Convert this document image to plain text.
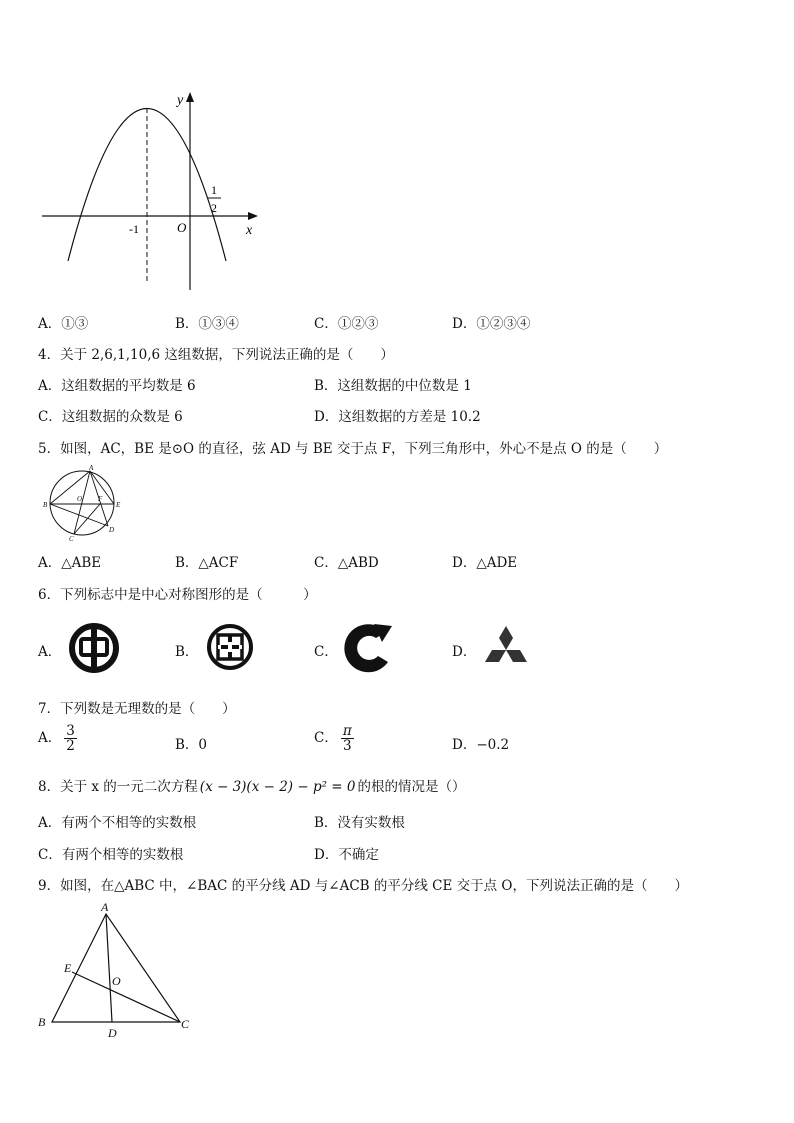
y
x
O
-1
1
2
A．①③	B．①③④	C．①②③	D．①②③④
4．关于 2,6,1,10,6 这组数据，下列说法正确的是（　　）
A．这组数据的平均数是 6	B．这组数据的中位数是 1
C．这组数据的众数是 6	D．这组数据的方差是 10.2
5．如图，AC，BE 是⊙O 的直径，弦 AD 与 BE 交于点 F，下列三角形中，外心不是点 O 的是（　　）
A
B
C
D
E
F
O
A．△ABE	B．△ACF	C．△ABD	D．△ADE
6．下列标志中是中心对称图形的是（　　　）
A．	B．	C．	D．
7．下列数是无理数的是（　　）
A． $\frac{3}{2}$	B．0	C． $\frac{\pi}{3}$	D．−0.2
8．关于 x 的一元二次方程 (x − 3)(x − 2) − p² = 0 的根的情况是（）
A．有两个不相等的实数根	B．没有实数根
C．有两个相等的实数根	D．不确定
9．如图，在△ABC 中，∠BAC 的平分线 AD 与∠ACB 的平分线 CE 交于点 O，下列说法正确的是（　　）
A
B	C
D
E
O
